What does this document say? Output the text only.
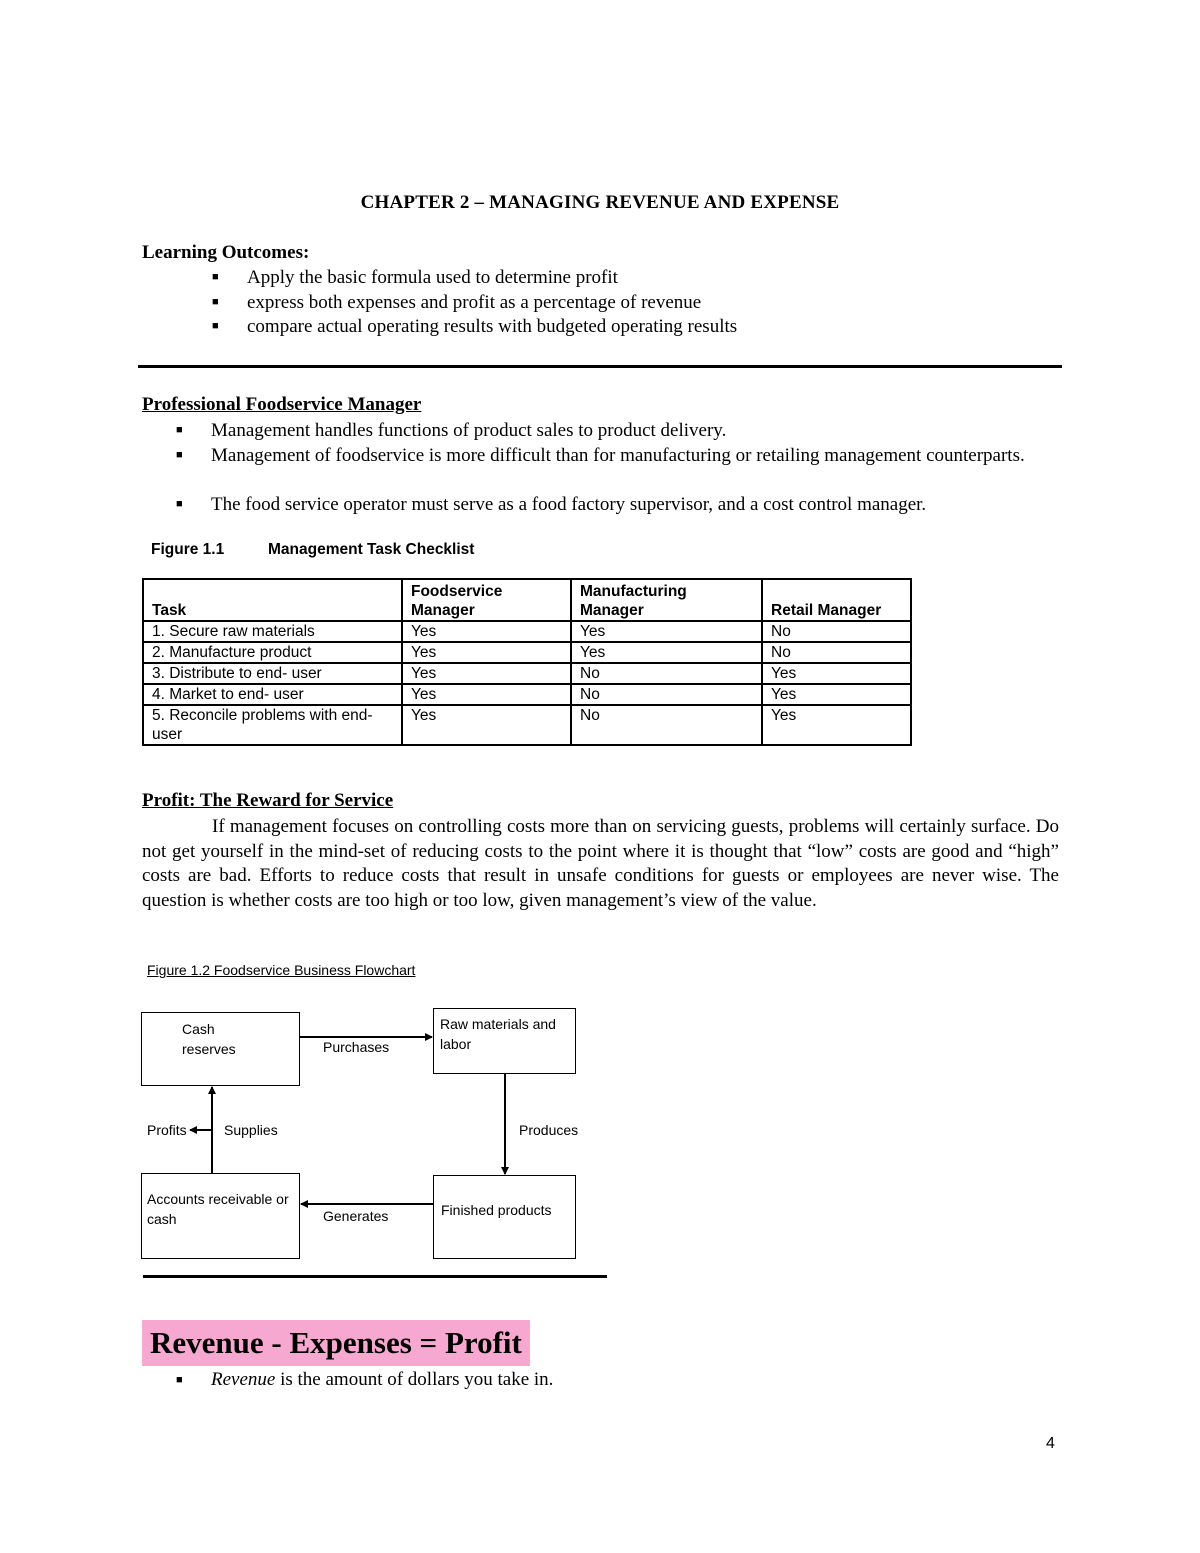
CHAPTER 2 – MANAGING REVENUE AND EXPENSE
Learning Outcomes:
■ Apply the basic formula used to determine profit
■ express both expenses and profit as a percentage of revenue
■ compare actual operating results with budgeted operating results
Professional Foodservice Manager
■ Management handles functions of product sales to product delivery.
■ Management of foodservice is more difficult than for manufacturing or retailing management counterparts.
■ The food service operator must serve as a food factory supervisor, and a cost control manager.
Figure 1.1	Management Task Checklist
Task	Foodservice Manager	Manufacturing Manager	Retail Manager
1. Secure raw materials	Yes	Yes	No
2. Manufacture product	Yes	Yes	No
3. Distribute to end- user	Yes	No	Yes
4. Market to end- user	Yes	No	Yes
5. Reconcile problems with end-user	Yes	No	Yes
Profit: The Reward for Service
If management focuses on controlling costs more than on servicing guests, problems will certainly surface. Do not get yourself in the mind-set of reducing costs to the point where it is thought that “low” costs are good and “high” costs are bad. Efforts to reduce costs that result in unsafe conditions for guests or employees are never wise. The question is whether costs are too high or too low, given management’s view of the value.
Figure 1.2 Foodservice Business Flowchart
Cash reserves
Raw materials and labor
Finished products
Accounts receivable or cash
Purchases
Produces
Generates
Supplies
Profits
Revenue - Expenses = Profit
■ Revenue is the amount of dollars you take in.
4
